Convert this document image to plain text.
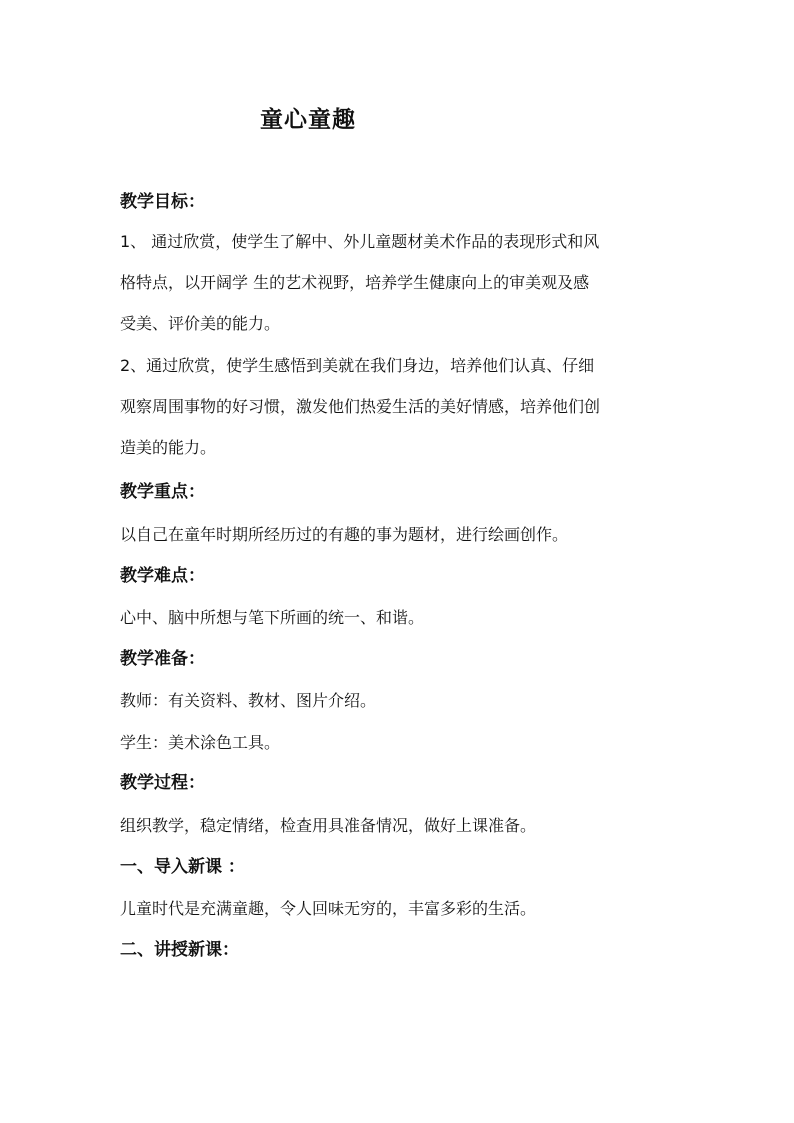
童心童趣
教学目标：
1、 通过欣赏，使学生了解中、外儿童题材美术作品的表现形式和风
格特点，以开阔学 生的艺术视野，培养学生健康向上的审美观及感
受美、评价美的能力。
2、通过欣赏，使学生感悟到美就在我们身边，培养他们认真、仔细
观察周围事物的好习惯，激发他们热爱生活的美好情感，培养他们创
造美的能力。
教学重点：
以自己在童年时期所经历过的有趣的事为题材，进行绘画创作。
教学难点：
心中、脑中所想与笔下所画的统一、和谐。
教学准备：
教师：有关资料、教材、图片介绍。
学生：美术涂色工具。
教学过程：
组织教学，稳定情绪，检查用具准备情况，做好上课准备。
一、导入新课 ：
儿童时代是充满童趣，令人回味无穷的，丰富多彩的生活。
二、讲授新课：
